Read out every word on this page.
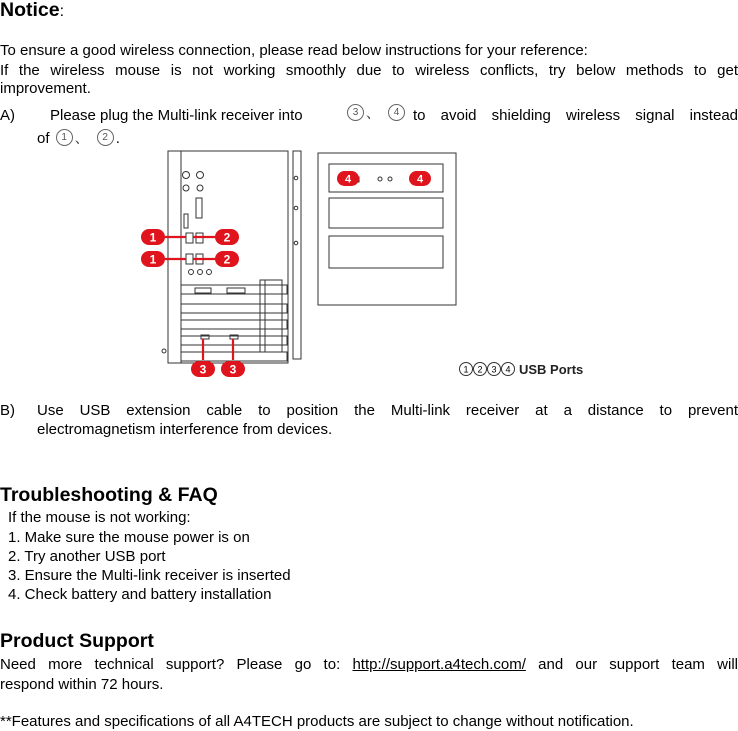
Notice:
To ensure a good wireless connection, please read below instructions for your reference:
If the wireless mouse is not working smoothly due to wireless conflicts, try below methods to get
improvement.
A) Please plug the Multi-link receiver into	3 、 4 to avoid shielding wireless signal instead
of 1 、 2 .
1	2
1	2
3 3
4	4
1 2 3 4 USB Ports
B) Use USB extension cable to position the Multi-link receiver at a distance to prevent
electromagnetism interference from devices.
Troubleshooting & FAQ
If the mouse is not working:
1. Make sure the mouse power is on
2. Try another USB port
3. Ensure the Multi-link receiver is inserted
4. Check battery and battery installation
Product Support
Need more technical support? Please go to: http://support.a4tech.com/ and our support team will
respond within 72 hours.
**Features and specifications of all A4TECH products are subject to change without notification.
